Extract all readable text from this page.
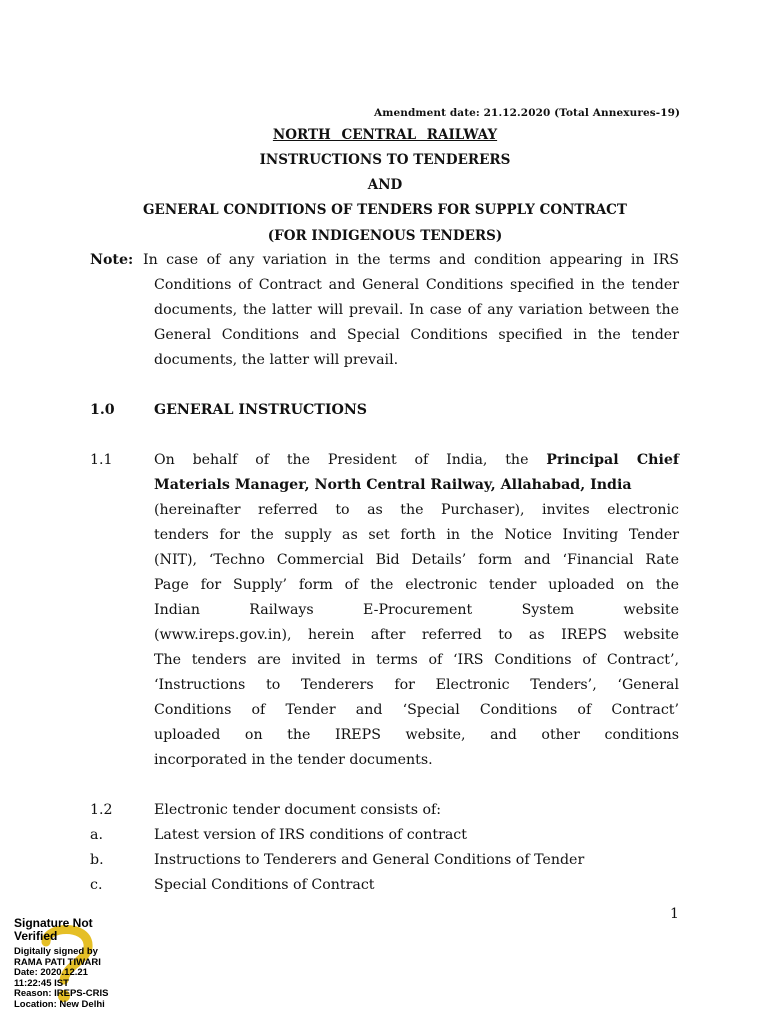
Amendment date: 21.12.2020 (Total Annexures-19)
NORTH CENTRAL RAILWAY
INSTRUCTIONS TO TENDERERS
AND
GENERAL CONDITIONS OF TENDERS FOR SUPPLY CONTRACT
(FOR INDIGENOUS TENDERS)
Note: In case of any variation in the terms and condition appearing in IRS
Conditions of Contract and General Conditions specified in the tender
documents, the latter will prevail. In case of any variation between the
General Conditions and Special Conditions specified in the tender
documents, the latter will prevail.
1.0	GENERAL INSTRUCTIONS
1.1	On behalf of the President of India, the Principal Chief
Materials Manager, North Central Railway, Allahabad, India
(hereinafter referred to as the Purchaser), invites electronic
tenders for the supply as set forth in the Notice Inviting Tender
(NIT), ‘Techno Commercial Bid Details’ form and ‘Financial Rate
Page for Supply’ form of the electronic tender uploaded on the
Indian Railways E-Procurement System website
(www.ireps.gov.in), herein after referred to as IREPS website
The tenders are invited in terms of ‘IRS Conditions of Contract’,
‘Instructions to Tenderers for Electronic Tenders’, ‘General
Conditions of Tender and ‘Special Conditions of Contract’
uploaded on the IREPS website, and other conditions
incorporated in the tender documents.
1.2	Electronic tender document consists of:
a.	Latest version of IRS conditions of contract
b.	Instructions to Tenderers and General Conditions of Tender
c.	Special Conditions of Contract
1
Signature Not
Verified
Digitally signed by
RAMA PATI TIWARI
Date: 2020.12.21
11:22:45 IST
Reason: IREPS-CRIS
Location: New Delhi
